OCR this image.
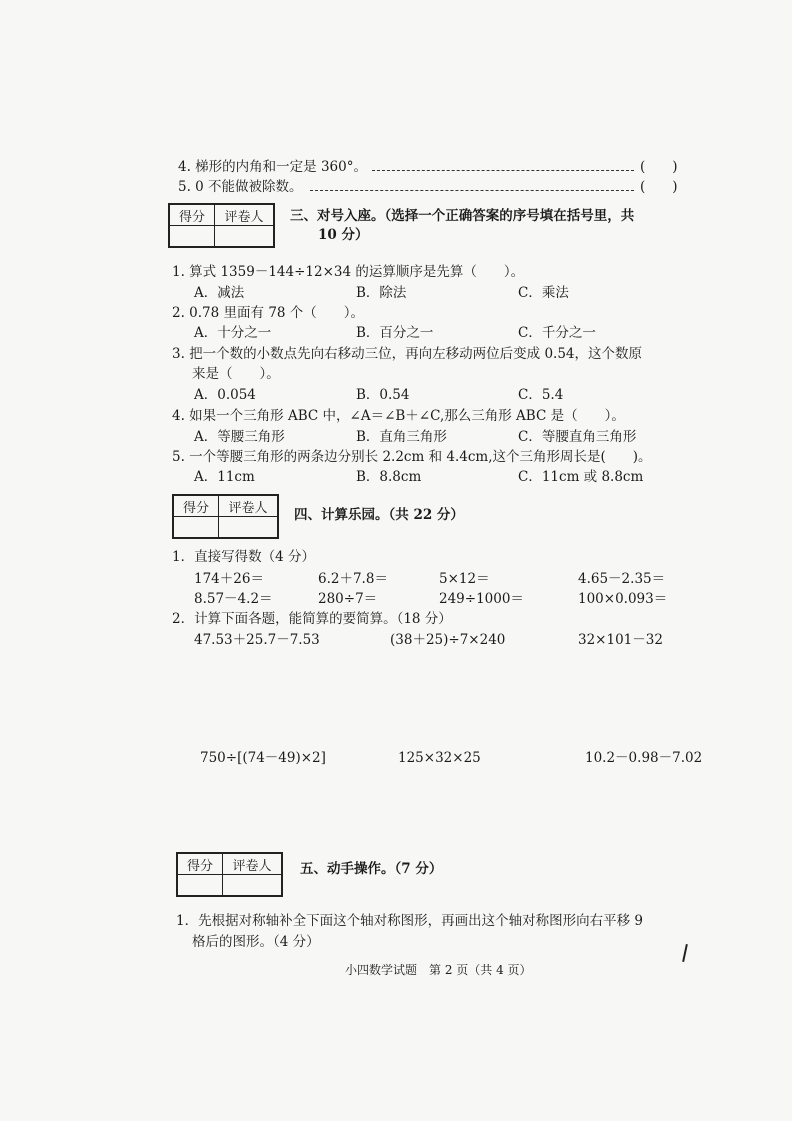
4. 梯形的内角和一定是 360°。	(　　)
5. 0 不能做被除数。	(　　)
得分	评卷人
	三、对号入座。（选择一个正确答案的序号填在括号里，共
10 分）
1. 算式 1359－144÷12×34 的运算顺序是先算（　　）。
A．减法	B．除法	C．乘法
2. 0.78 里面有 78 个（　　）。
A．十分之一	B．百分之一	C．千分之一
3. 把一个数的小数点先向右移动三位，再向左移动两位后变成 0.54，这个数原
来是（　　）。
A．0.054	B．0.54	C．5.4
4. 如果一个三角形 ABC 中，∠A＝∠B＋∠C,那么三角形 ABC 是（　　）。
A．等腰三角形	B．直角三角形	C．等腰直角三角形
5. 一个等腰三角形的两条边分别长 2.2cm 和 4.4cm,这个三角形周长是(　　)。
A．11cm	B．8.8cm	C．11cm 或 8.8cm
得分	评卷人
	四、计算乐园。（共 22 分）
1．直接写得数（4 分）
174＋26＝	6.2＋7.8＝	5×12＝	4.65－2.35＝
8.57－4.2＝	280÷7＝	249÷1000＝	100×0.093＝
2．计算下面各题，能简算的要简算。（18 分）
47.53＋25.7－7.53	(38＋25)÷7×240	32×101－32
750÷[(74－49)×2]	125×32×25	10.2－0.98－7.02
得分	评卷人
	五、动手操作。（7 分）
1．先根据对称轴补全下面这个轴对称图形，再画出这个轴对称图形向右平移 9
格后的图形。（4 分）
小四数学试题　第 2 页（共 4 页）
